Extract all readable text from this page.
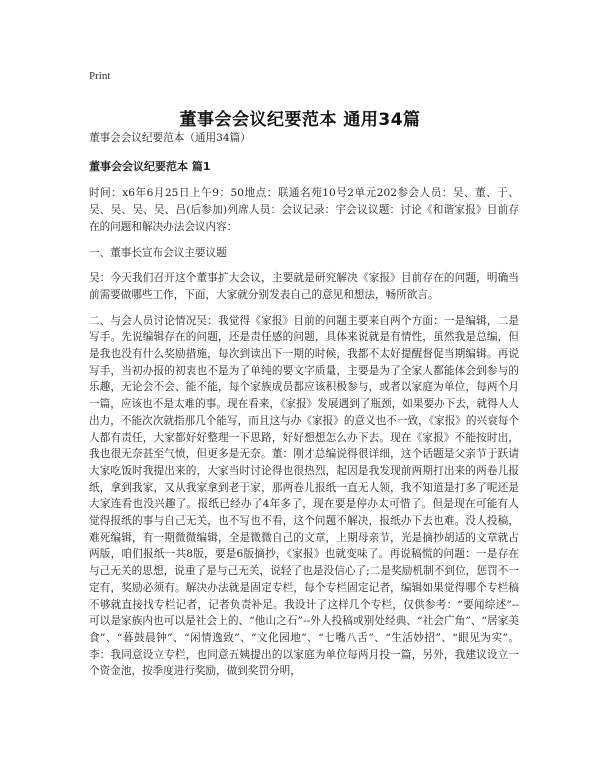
Print
董事会会议纪要范本 通用34篇

董事会会议纪要范本（通用34篇）

董事会会议纪要范本 篇1

时间：x6年6月25日上午9：50地点：联通名苑10号2单元202参会人员：吴、董、于、吴、吴、吴、吴、吕(后参加)列席人员：会议记录：宇会议议题：讨论《和谐家报》目前存在的问题和解决办法会议内容：

一、董事长宣布会议主要议题

吴：今天我们召开这个董事扩大会议，主要就是研究解决《家报》目前存在的问题，明确当前需要做哪些工作，下面，大家就分别发表自己的意见和想法，畅所欲言。

二、与会人员讨论情况吴：我觉得《家报》目前的问题主要来自两个方面：一是编辑，二是写手。先说编辑存在的问题，还是责任感的问题，具体来说就是有情性，虽然我是总编，但是我也没有什么奖励措施，每次到读出下一期的时候，我都不太好提醒督促当期编辑。再说写手，当初办报的初衷也不是为了单纯的要文字质量，主要是为了全家人都能体会到参与的乐趣，无论会不会、能不能，每个家族成员都应该积极参与，或者以家庭为单位，每两个月一篇，应该也不是太难的事。现在看来，《家报》发展遇到了瓶颈，如果要办下去，就得人人出力，不能次次就指那几个能写，而且这与办《家报》的意义也不一致，《家报》的兴衰每个人都有责任，大家都好好整理一下思路，好好想想怎么办下去。现在《家报》不能按时出，我也很无奈甚至气愤，但更多是无奈。董：刚才总编说得很详细，这个话题是父亲节于跃请大家吃饭时我提出来的，大家当时讨论得也很热烈，起因是我发现前两期打出来的两卷儿报纸，拿到我家，又从我家拿到老于家，那两卷儿报纸一直无人领，我不知道是打多了呢还是大家连看也没兴趣了。报纸已经办了4年多了，现在要是停办太可惜了。但是现在可能有人觉得报纸的事与自己无关，也不写也不看，这个问题不解决，报纸办下去也难。没人投稿，难死编辑，有一期微微编辑，全是微微自己的文章，上期母亲节，光是摘抄胡适的文章就占两版，咱们报纸一共8版，要是6版摘抄，《家报》也就变味了。再说稿慌的问题：一是存在与己无关的思想，说重了是与己无关，说轻了也是没信心了;二是奖励机制不到位，惩罚不一定有，奖励必须有。解决办法就是固定专栏，每个专栏固定记者，编辑如果觉得哪个专栏稿不够就直接找专栏记者，记者负责补足。我设计了这样几个专栏，仅供参考：“要闻综述”--可以是家族内也可以是社会上的、“他山之石”--外人投稿或别处经典、“社会广角”、“居家美食”、“暮鼓晨钟”、“闲情逸致”、“文化园地”、“七嘴八舌”、“生活妙招”、“眼见为实”。李：我同意设立专栏，也同意五姨提出的以家庭为单位每两月投一篇，另外，我建议设立一个资金池，按季度进行奖励，做到奖罚分明，
